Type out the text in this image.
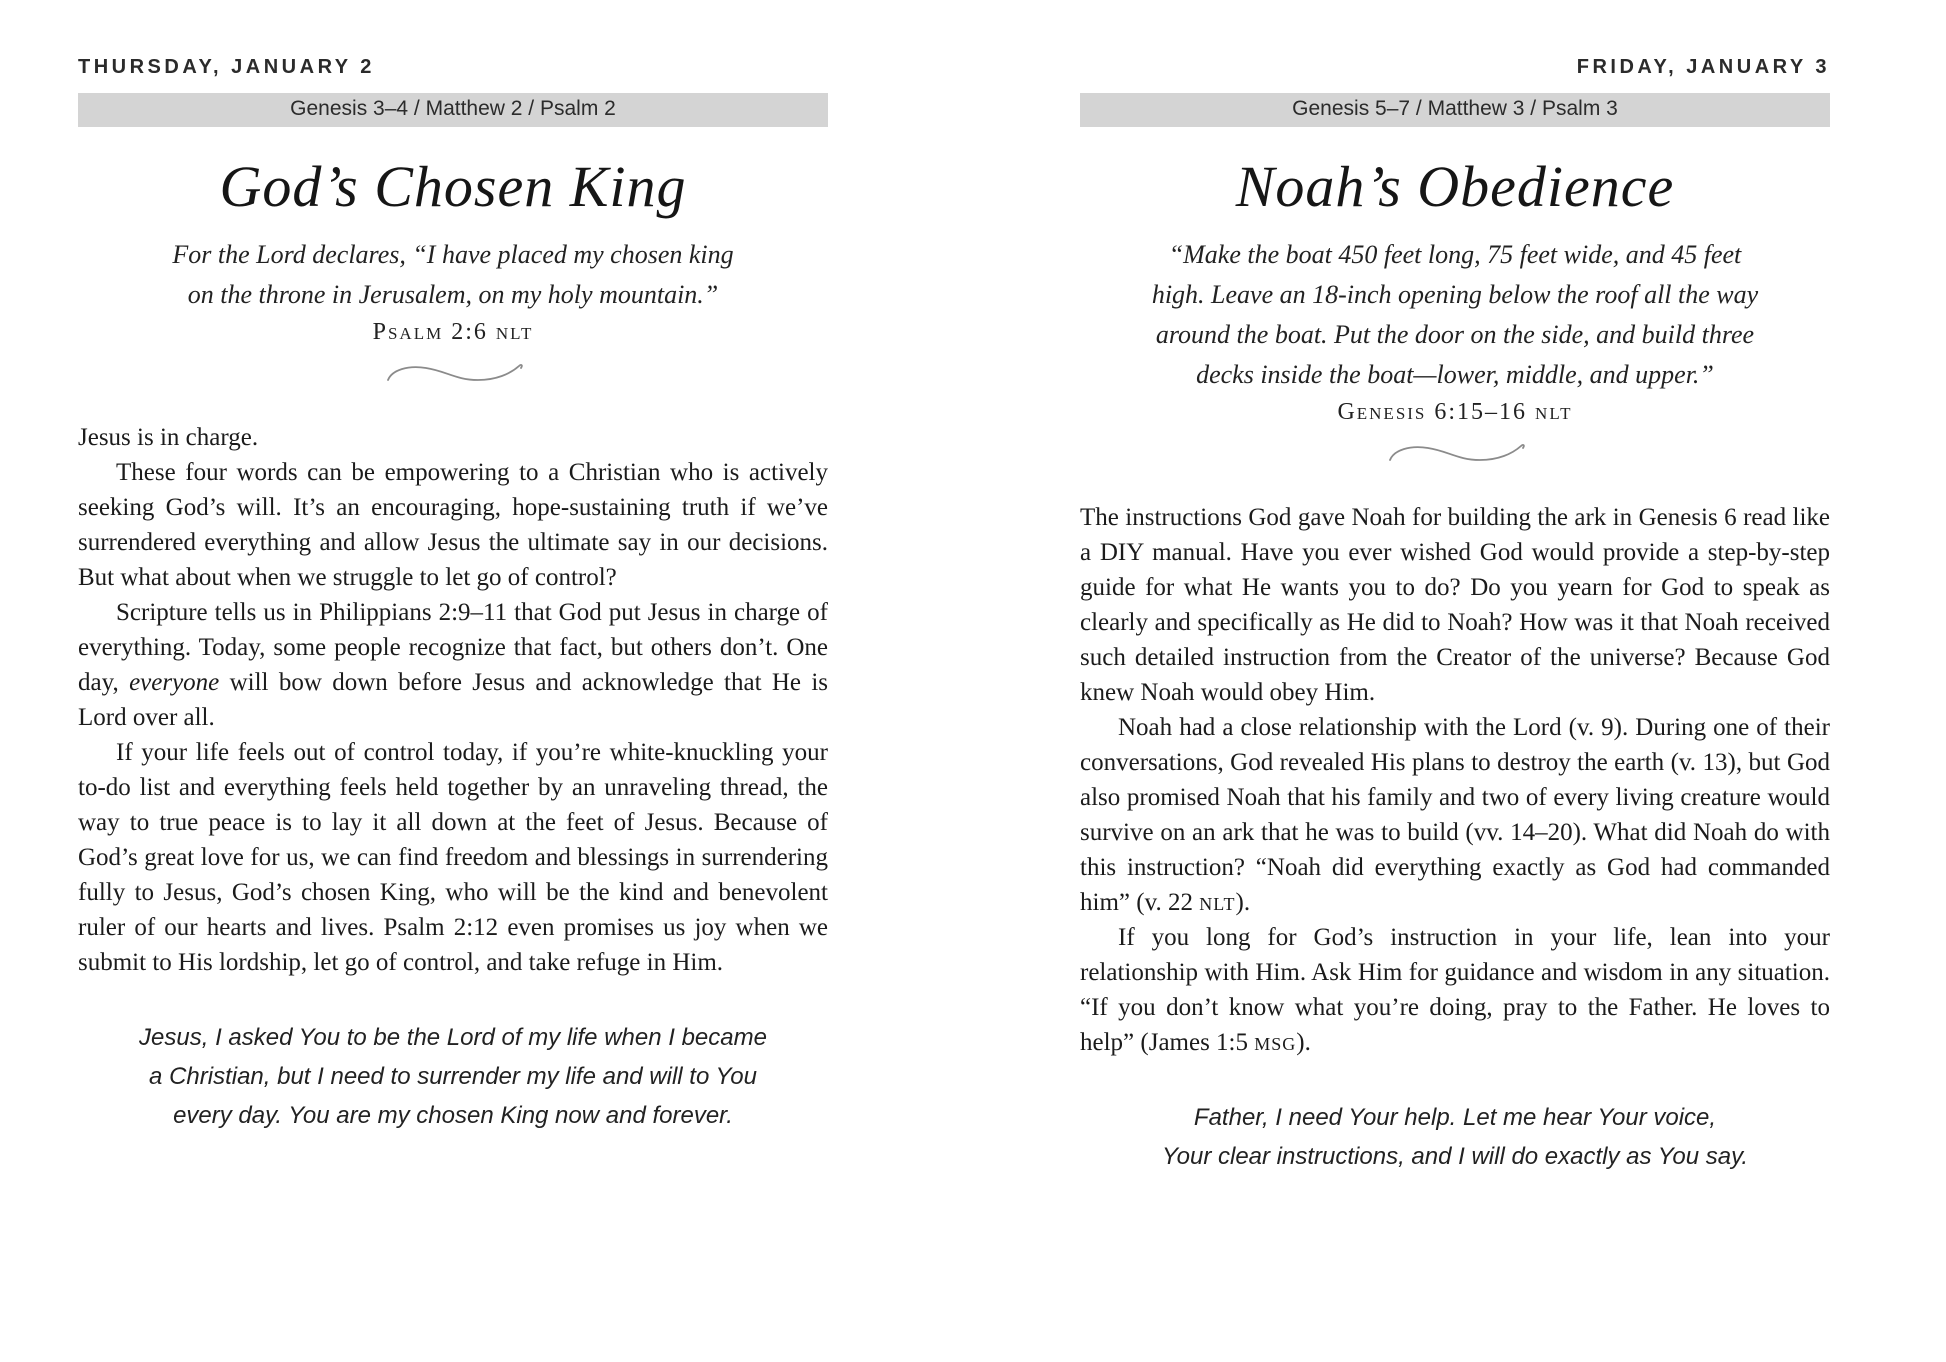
THURSDAY, JANUARY 2
Genesis 3–4 / Matthew 2 / Psalm 2
God’s Chosen King
For the Lord declares, “I have placed my chosen king
on the throne in Jerusalem, on my holy mountain.”
Psalm 2:6 nlt

Jesus is in charge.

These four words can be empowering to a Christian who is actively seeking God’s will. It’s an encouraging, hope-sustaining truth if we’ve surrendered everything and allow Jesus the ultimate say in our decisions. But what about when we struggle to let go of control?

Scripture tells us in Philippians 2:9–11 that God put Jesus in charge of everything. Today, some people recognize that fact, but others don’t. One day, everyone will bow down before Jesus and acknowledge that He is Lord over all.

If your life feels out of control today, if you’re white-knuckling your to-do list and everything feels held together by an unraveling thread, the way to true peace is to lay it all down at the feet of Jesus. Because of God’s great love for us, we can find freedom and blessings in surrendering fully to Jesus, God’s chosen King, who will be the kind and benevolent ruler of our hearts and lives. Psalm 2:12 even promises us joy when we submit to His lordship, let go of control, and take refuge in Him.

Jesus, I asked You to be the Lord of my life when I became
a Christian, but I need to surrender my life and will to You
every day. You are my chosen King now and forever.
FRIDAY, JANUARY 3
Genesis 5–7 / Matthew 3 / Psalm 3
Noah’s Obedience
“Make the boat 450 feet long, 75 feet wide, and 45 feet
high. Leave an 18-inch opening below the roof all the way
around the boat. Put the door on the side, and build three
decks inside the boat—lower, middle, and upper.”
Genesis 6:15–16 nlt

The instructions God gave Noah for building the ark in Genesis 6 read like a DIY manual. Have you ever wished God would provide a step-by-step guide for what He wants you to do? Do you yearn for God to speak as clearly and specifically as He did to Noah? How was it that Noah received such detailed instruction from the Creator of the universe? Because God knew Noah would obey Him.

Noah had a close relationship with the Lord (v. 9). During one of their conversations, God revealed His plans to destroy the earth (v. 13), but God also promised Noah that his family and two of every living creature would survive on an ark that he was to build (vv. 14–20). What did Noah do with this instruction? “Noah did everything exactly as God had commanded him” (v. 22 nlt).

If you long for God’s instruction in your life, lean into your relationship with Him. Ask Him for guidance and wisdom in any situation. “If you don’t know what you’re doing, pray to the Father. He loves to help” (James 1:5 msg).

Father, I need Your help. Let me hear Your voice,
Your clear instructions, and I will do exactly as You say.
